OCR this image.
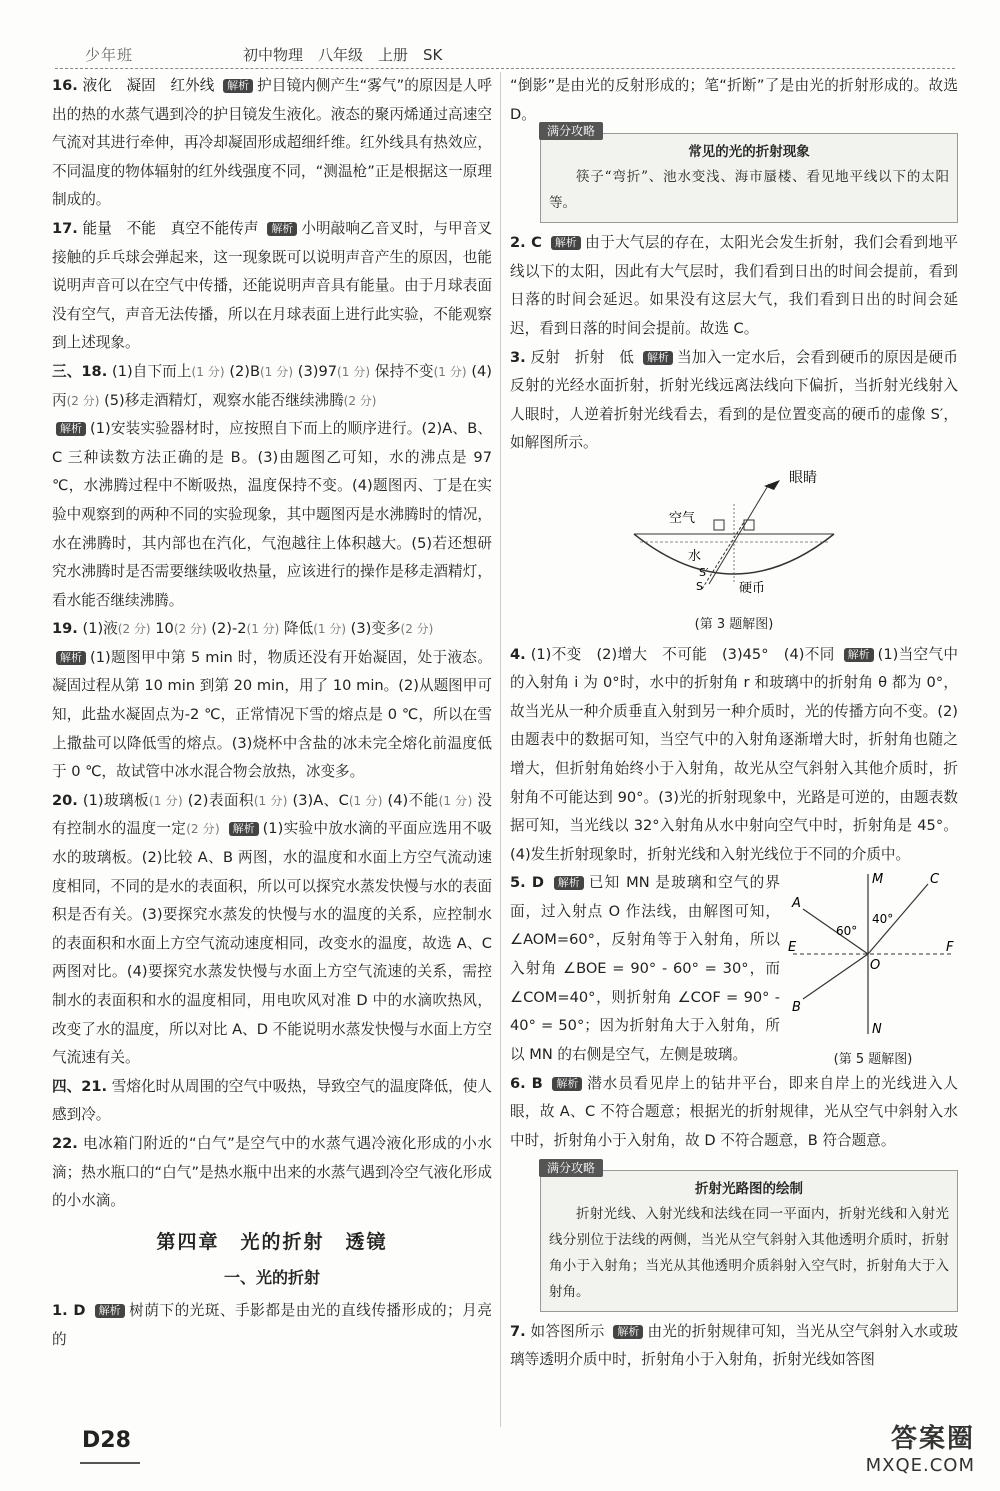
少年班	初中物理　八年级　上册　SK
16. 液化　凝固　红外线 解析 护目镜内侧产生“雾气”的原因是人呼出的热的水蒸气遇到冷的护目镜发生液化。液态的聚丙烯通过高速空气流对其进行牵伸，再冷却凝固形成超细纤维。红外线具有热效应，不同温度的物体辐射的红外线强度不同，“测温枪”正是根据这一原理制成的。
17. 能量　不能　真空不能传声 解析 小明敲响乙音叉时，与甲音叉接触的乒乓球会弹起来，这一现象既可以说明声音产生的原因，也能说明声音可以在空气中传播，还能说明声音具有能量。由于月球表面没有空气，声音无法传播，所以在月球表面上进行此实验，不能观察到上述现象。
三、18. (1)自下而上(1 分) (2)B(1 分) (3)97(1 分) 保持不变(1 分) (4)丙(2 分) (5)移走酒精灯，观察水能否继续沸腾(2 分)
解析 (1)安装实验器材时，应按照自下而上的顺序进行。(2)A、B、C 三种读数方法正确的是 B。(3)由题图乙可知，水的沸点是 97 ℃，水沸腾过程中不断吸热，温度保持不变。(4)题图丙、丁是在实验中观察到的两种不同的实验现象，其中题图丙是水沸腾时的情况，水在沸腾时，其内部也在汽化，气泡越往上体积越大。(5)若还想研究水沸腾时是否需要继续吸收热量，应该进行的操作是移走酒精灯，看水能否继续沸腾。
19. (1)液(2 分) 10(2 分) (2)-2(1 分) 降低(1 分) (3)变多(2 分)
解析 (1)题图甲中第 5 min 时，物质还没有开始凝固，处于液态。凝固过程从第 10 min 到第 20 min，用了 10 min。(2)从题图甲可知，此盐水凝固点为-2 ℃，正常情况下雪的熔点是 0 ℃，所以在雪上撒盐可以降低雪的熔点。(3)烧杯中含盐的冰未完全熔化前温度低于 0 ℃，故试管中冰水混合物会放热，冰变多。
20. (1)玻璃板(1 分) (2)表面积(1 分) (3)A、C(1 分) (4)不能(1 分) 没有控制水的温度一定(2 分) 解析 (1)实验中放水滴的平面应选用不吸水的玻璃板。(2)比较 A、B 两图，水的温度和水面上方空气流动速度相同，不同的是水的表面积，所以可以探究水蒸发快慢与水的表面积是否有关。(3)要探究水蒸发的快慢与水的温度的关系，应控制水的表面积和水面上方空气流动速度相同，改变水的温度，故选 A、C 两图对比。(4)要探究水蒸发快慢与水面上方空气流速的关系，需控制水的表面积和水的温度相同，用电吹风对准 D 中的水滴吹热风，改变了水的温度，所以对比 A、D 不能说明水蒸发快慢与水面上方空气流速有关。
四、21. 雪熔化时从周围的空气中吸热，导致空气的温度降低，使人感到冷。
22. 电冰箱门附近的“白气”是空气中的水蒸气遇冷液化形成的小水滴；热水瓶口的“白气”是热水瓶中出来的水蒸气遇到冷空气液化形成的小水滴。
第四章　光的折射　透镜
一、光的折射
1. D 解析 树荫下的光斑、手影都是由光的直线传播形成的；月亮的
“倒影”是由光的反射形成的；笔“折断”了是由光的折射形成的。故选 D。
满分攻略
常见的光的折射现象
筷子“弯折”、池水变浅、海市蜃楼、看见地平线以下的太阳等。
2. C 解析 由于大气层的存在，太阳光会发生折射，我们会看到地平线以下的太阳，因此有大气层时，我们看到日出的时间会提前，看到日落的时间会延迟。如果没有这层大气，我们看到日出的时间会延迟，看到日落的时间会提前。故选 C。
3. 反射　折射　低 解析 当加入一定水后，会看到硬币的原因是硬币反射的光经水面折射，折射光线远离法线向下偏折，当折射光线射入人眼时，人逆着折射光线看去，看到的是位置变高的硬币的虚像 S′，如解图所示。
眼睛
空气
水
S′
S	硬币
(第 3 题解图)
4. (1)不变　(2)增大　不可能　(3)45°　(4)不同 解析 (1)当空气中的入射角 i 为 0°时，水中的折射角 r 和玻璃中的折射角 θ 都为 0°，故当光从一种介质垂直入射到另一种介质时，光的传播方向不变。(2)由题表中的数据可知，当空气中的入射角逐渐增大时，折射角也随之增大，但折射角始终小于入射角，故光从空气斜射入其他介质时，折射角不可能达到 90°。(3)光的折射现象中，光路是可逆的，由题表数据可知，当光线以 32°入射角从水中射向空气中时，折射角是 45°。(4)发生折射现象时，折射光线和入射光线位于不同的介质中。
M
N
A
B
C
E	F
O
60°
40°
(第 5 题解图)
5. D 解析 已知 MN 是玻璃和空气的界面，过入射点 O 作法线，由解图可知，∠AOM=60°，反射角等于入射角，所以入射角 ∠BOE = 90° - 60° = 30°，而 ∠COM=40°，则折射角 ∠COF = 90° - 40° = 50°；因为折射角大于入射角，所以 MN 的右侧是空气，左侧是玻璃。
6. B 解析 潜水员看见岸上的钻井平台，即来自岸上的光线进入人眼，故 A、C 不符合题意；根据光的折射规律，光从空气中斜射入水中时，折射角小于入射角，故 D 不符合题意，B 符合题意。
满分攻略
折射光路图的绘制
折射光线、入射光线和法线在同一平面内，折射光线和入射光线分别位于法线的两侧，当光从空气斜射入其他透明介质时，折射角小于入射角；当光从其他透明介质斜射入空气时，折射角大于入射角。
7. 如答图所示 解析 由光的折射规律可知，当光从空气斜射入水或玻璃等透明介质中时，折射角小于入射角，折射光线如答图
D28	答案圈
MXQE.COM
